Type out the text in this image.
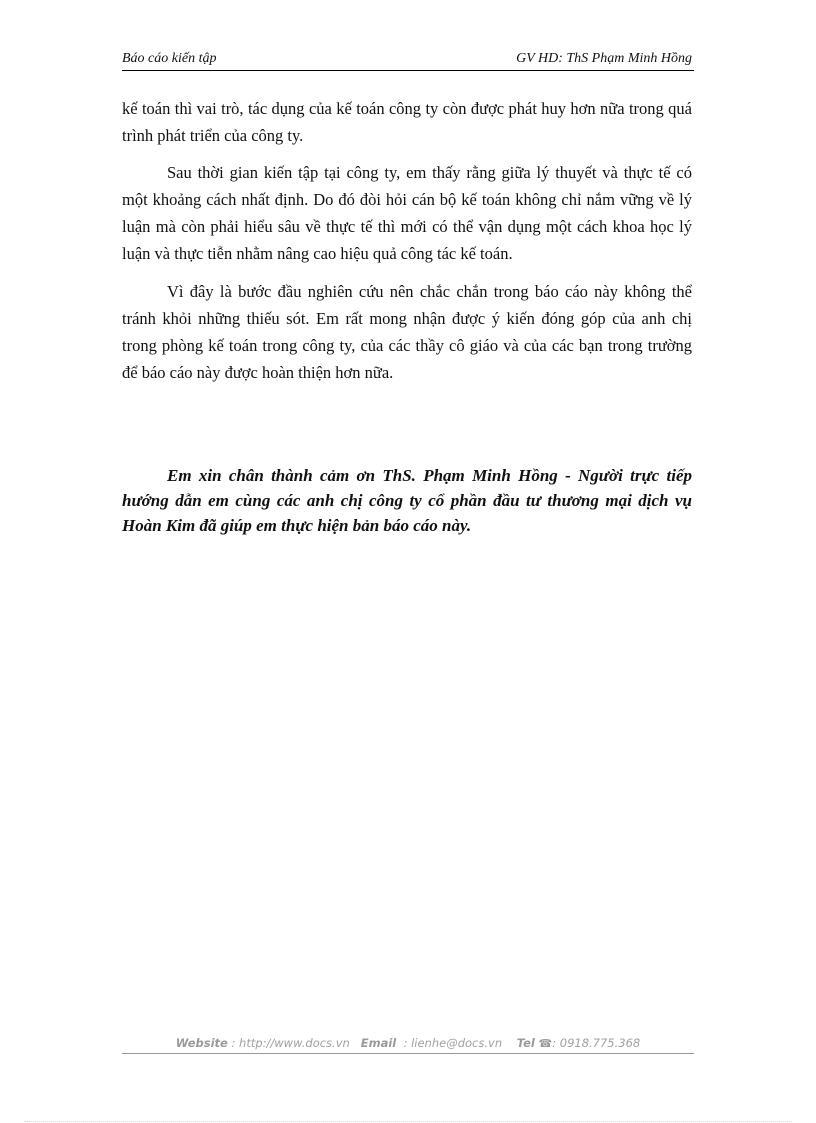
Báo cáo kiến tập	GV HD: ThS Phạm Minh Hồng

kế toán thì vai trò, tác dụng của kế toán công ty còn được phát huy hơn nữa trong quá trình phát triển của công ty.

Sau thời gian kiến tập tại công ty, em thấy rằng giữa lý thuyết và thực tế có một khoảng cách nhất định. Do đó đòi hỏi cán bộ kế toán không chỉ nắm vững về lý luận mà còn phải hiểu sâu về thực tế thì mới có thể vận dụng một cách khoa học lý luận và thực tiễn nhằm nâng cao hiệu quả công tác kế toán.

Vì đây là bước đầu nghiên cứu nên chắc chắn trong báo cáo này không thể tránh khỏi những thiếu sót. Em rất mong nhận được ý kiến đóng góp của anh chị trong phòng kế toán trong công ty, của các thầy cô giáo và của các bạn trong trường để báo cáo này được hoàn thiện hơn nữa.

Em xin chân thành cảm ơn ThS. Phạm Minh Hồng - Người trực tiếp hướng dẫn em cùng các anh chị công ty cổ phần đầu tư thương mại dịch vụ Hoàn Kim đã giúp em thực hiện bản báo cáo này.

Website : http://www.docs.vn Email : lienhe@docs.vn Tel ☎: 0918.775.368
